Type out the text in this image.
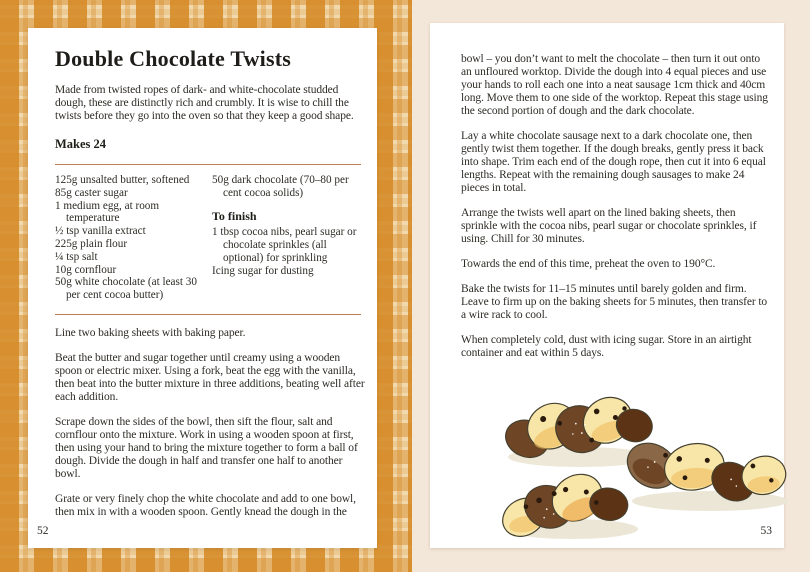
Double Chocolate Twists

Made from twisted ropes of dark- and white-chocolate studded dough, these are distinctly rich and crumbly. It is wise to chill the twists before they go into the oven so that they keep a good shape.

Makes 24

125g unsalted butter, softened

85g caster sugar

1 medium egg, at room temperature

½ tsp vanilla extract

225g plain flour

¼ tsp salt

10g cornflour

50g white chocolate (at least 30 per cent cocoa butter)

50g dark chocolate (70–80 per cent cocoa solids)

To finish

1 tbsp cocoa nibs, pearl sugar or chocolate sprinkles (all optional) for sprinkling

Icing sugar for dusting

Line two baking sheets with baking paper.

Beat the butter and sugar together until creamy using a wooden spoon or electric mixer. Using a fork, beat the egg with the vanilla, then beat into the butter mixture in three additions, beating well after each addition.

Scrape down the sides of the bowl, then sift the flour, salt and cornflour onto the mixture. Work in using a wooden spoon at first, then using your hand to bring the mixture together to form a ball of dough. Divide the dough in half and transfer one half to another bowl.

Grate or very finely chop the white chocolate and add to one bowl, then mix in with a wooden spoon. Gently knead the dough in the

52

bowl – you don’t want to melt the chocolate – then turn it out onto an unfloured worktop. Divide the dough into 4 equal pieces and use your hands to roll each one into a neat sausage 1cm thick and 40cm long. Move them to one side of the worktop. Repeat this stage using the second portion of dough and the dark chocolate.

Lay a white chocolate sausage next to a dark chocolate one, then gently twist them together. If the dough breaks, gently press it back into shape. Trim each end of the dough rope, then cut it into 6 equal lengths. Repeat with the remaining dough sausages to make 24 pieces in total.

Arrange the twists well apart on the lined baking sheets, then sprinkle with the cocoa nibs, pearl sugar or chocolate sprinkles, if using. Chill for 30 minutes.

Towards the end of this time, preheat the oven to 190°C.

Bake the twists for 11–15 minutes until barely golden and firm. Leave to firm up on the baking sheets for 5 minutes, then transfer to a wire rack to cool.

When completely cold, dust with icing sugar. Store in an airtight container and eat within 5 days.

53
